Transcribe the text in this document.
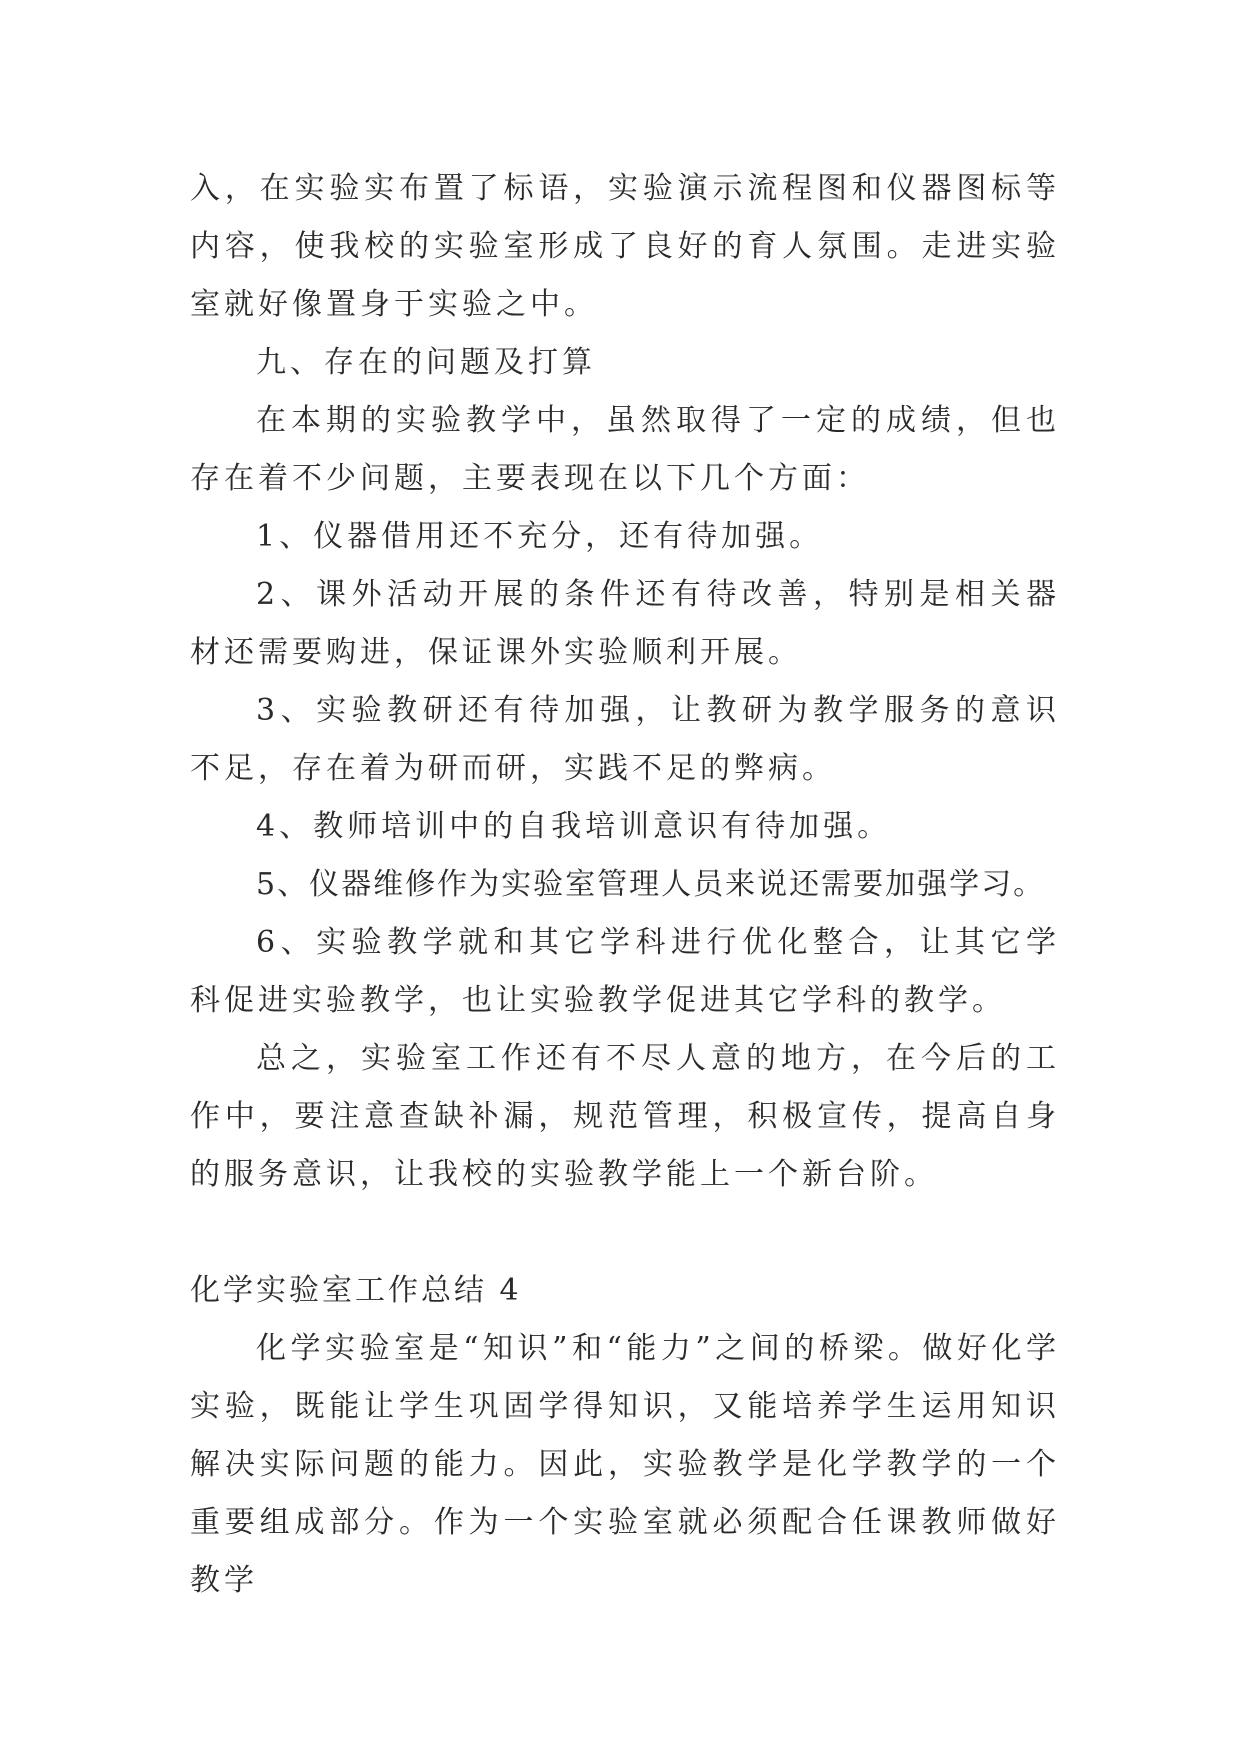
入，在实验实布置了标语，实验演示流程图和仪器图标等内容，使我校的实验室形成了良好的育人氛围。走进实验室就好像置身于实验之中。

九、存在的问题及打算

在本期的实验教学中，虽然取得了一定的成绩，但也存在着不少问题，主要表现在以下几个方面：

1、仪器借用还不充分，还有待加强。

2、课外活动开展的条件还有待改善，特别是相关器材还需要购进，保证课外实验顺利开展。

3、实验教研还有待加强，让教研为教学服务的意识不足，存在着为研而研，实践不足的弊病。

4、教师培训中的自我培训意识有待加强。

5、仪器维修作为实验室管理人员来说还需要加强学习。

6、实验教学就和其它学科进行优化整合，让其它学科促进实验教学，也让实验教学促进其它学科的教学。

总之，实验室工作还有不尽人意的地方，在今后的工作中，要注意查缺补漏，规范管理，积极宣传，提高自身的服务意识，让我校的实验教学能上一个新台阶。

化学实验室工作总结 4

化学实验室是“知识”和“能力”之间的桥梁。做好化学实验，既能让学生巩固学得知识，又能培养学生运用知识解决实际问题的能力。因此，实验教学是化学教学的一个重要组成部分。作为一个实验室就必须配合任课教师做好教学
